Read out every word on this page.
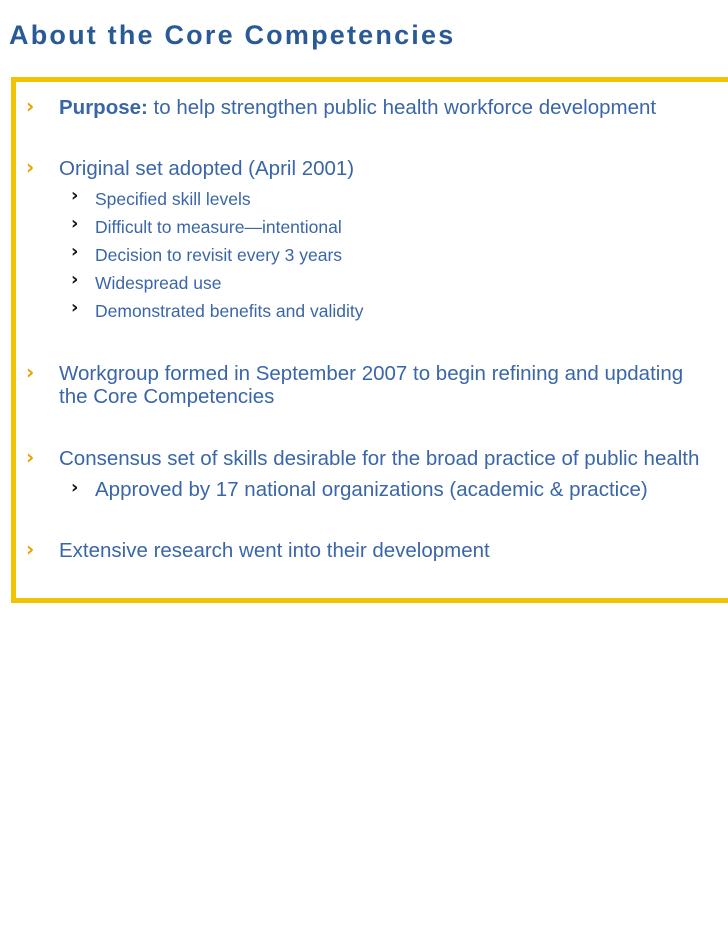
About the Core Competencies
› Purpose: to help strengthen public health workforce development
› Original set adopted (April 2001)
› Specified skill levels
› Difficult to measure—intentional
› Decision to revisit every 3 years
› Widespread use
› Demonstrated benefits and validity
› Workgroup formed in September 2007 to begin refining and updating
the Core Competencies
› Consensus set of skills desirable for the broad practice of public health
› Approved by 17 national organizations (academic & practice)
› Extensive research went into their development
